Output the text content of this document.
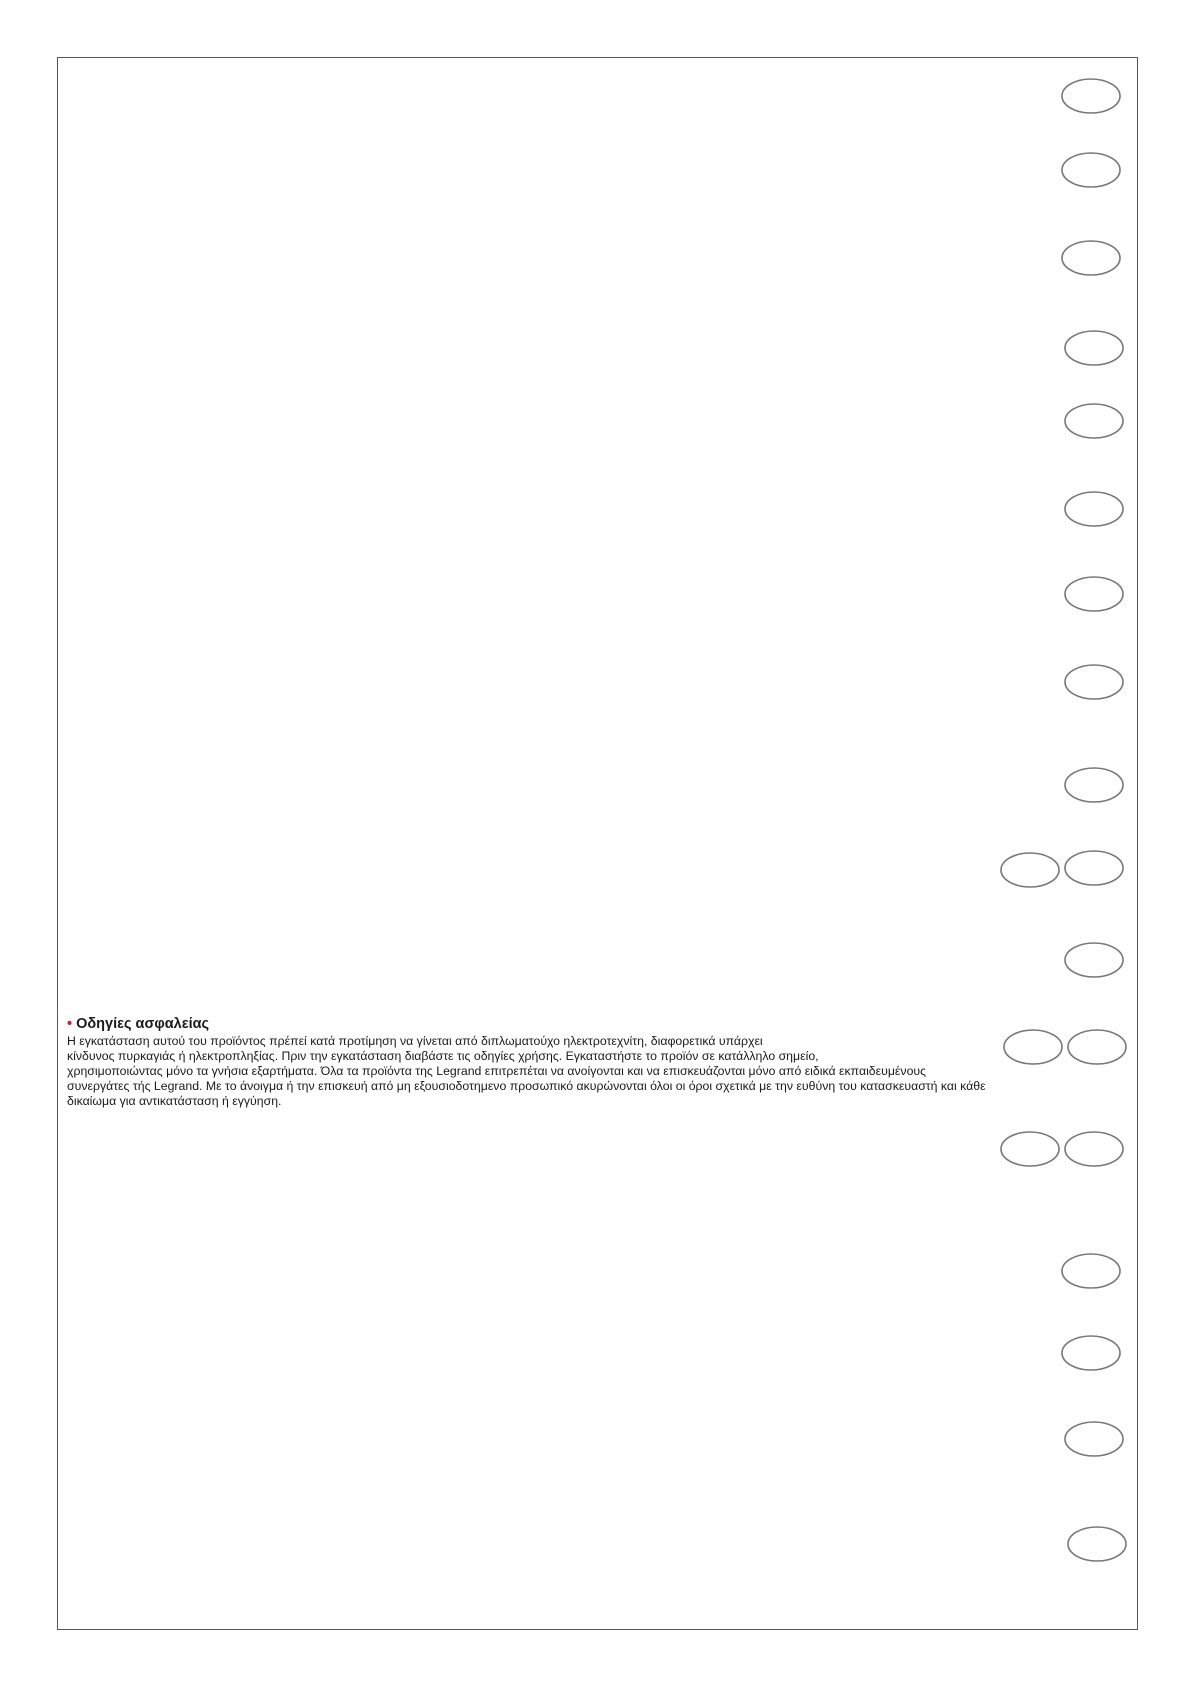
• Οδηγίες ασφαλείας

Η εγκατάσταση αυτού του προϊόντος πρέπεί κατά προτίμηση να γίνεται από διπλωματούχο ηλεκτροτεχνίτη, διαφορετικά υπάρχει

κίνδυνος πυρκαγιάς ή ηλεκτροπληξίας. Πριν την εγκατάσταση διαβάστε τις οδηγίες χρήσης. Εγκαταστήστε το προϊόν σε κατάλληλο σημείο,

χρησιμοποιώντας μόνο τα γνήσια εξαρτήματα. Όλα τα προϊόντα της Legrand επιτρεπέται να ανοίγονται και να επισκευάζονται μόνο από ειδικά εκπαιδευμένους

συνεργάτες τής Legrand. Με το άνοιγμα ή την επισκευή από μη εξουσιοδοτημενο προσωπικό ακυρώνονται όλοι οι όροι σχετικά με την ευθύνη του κατασκευαστή και κάθε

δικαίωμα για αντικατάσταση ή εγγύηση.
